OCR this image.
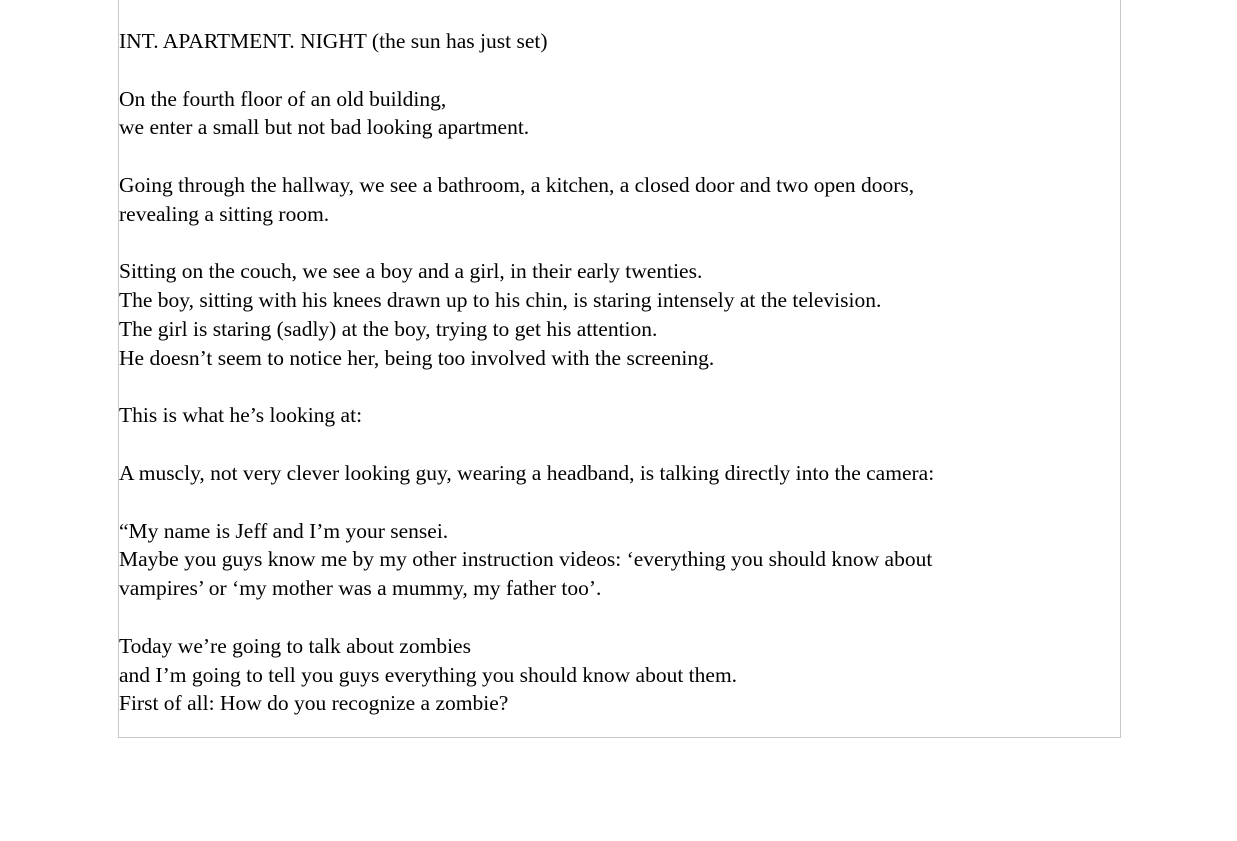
INT. APARTMENT. NIGHT (the sun has just set)
On the fourth floor of an old building,
we enter a small but not bad looking apartment.
Going through the hallway, we see a bathroom, a kitchen, a closed door and two open doors,
revealing a sitting room.
Sitting on the couch, we see a boy and a girl, in their early twenties.
The boy, sitting with his knees drawn up to his chin, is staring intensely at the television.
The girl is staring (sadly) at the boy, trying to get his attention.
He doesn’t seem to notice her, being too involved with the screening.
This is what he’s looking at:
A muscly, not very clever looking guy, wearing a headband, is talking directly into the camera:
“My name is Jeff and I’m your sensei.
Maybe you guys know me by my other instruction videos: ‘everything you should know about
vampires’ or ‘my mother was a mummy, my father too’.
Today we’re going to talk about zombies
and I’m going to tell you guys everything you should know about them.
First of all: How do you recognize a zombie?
